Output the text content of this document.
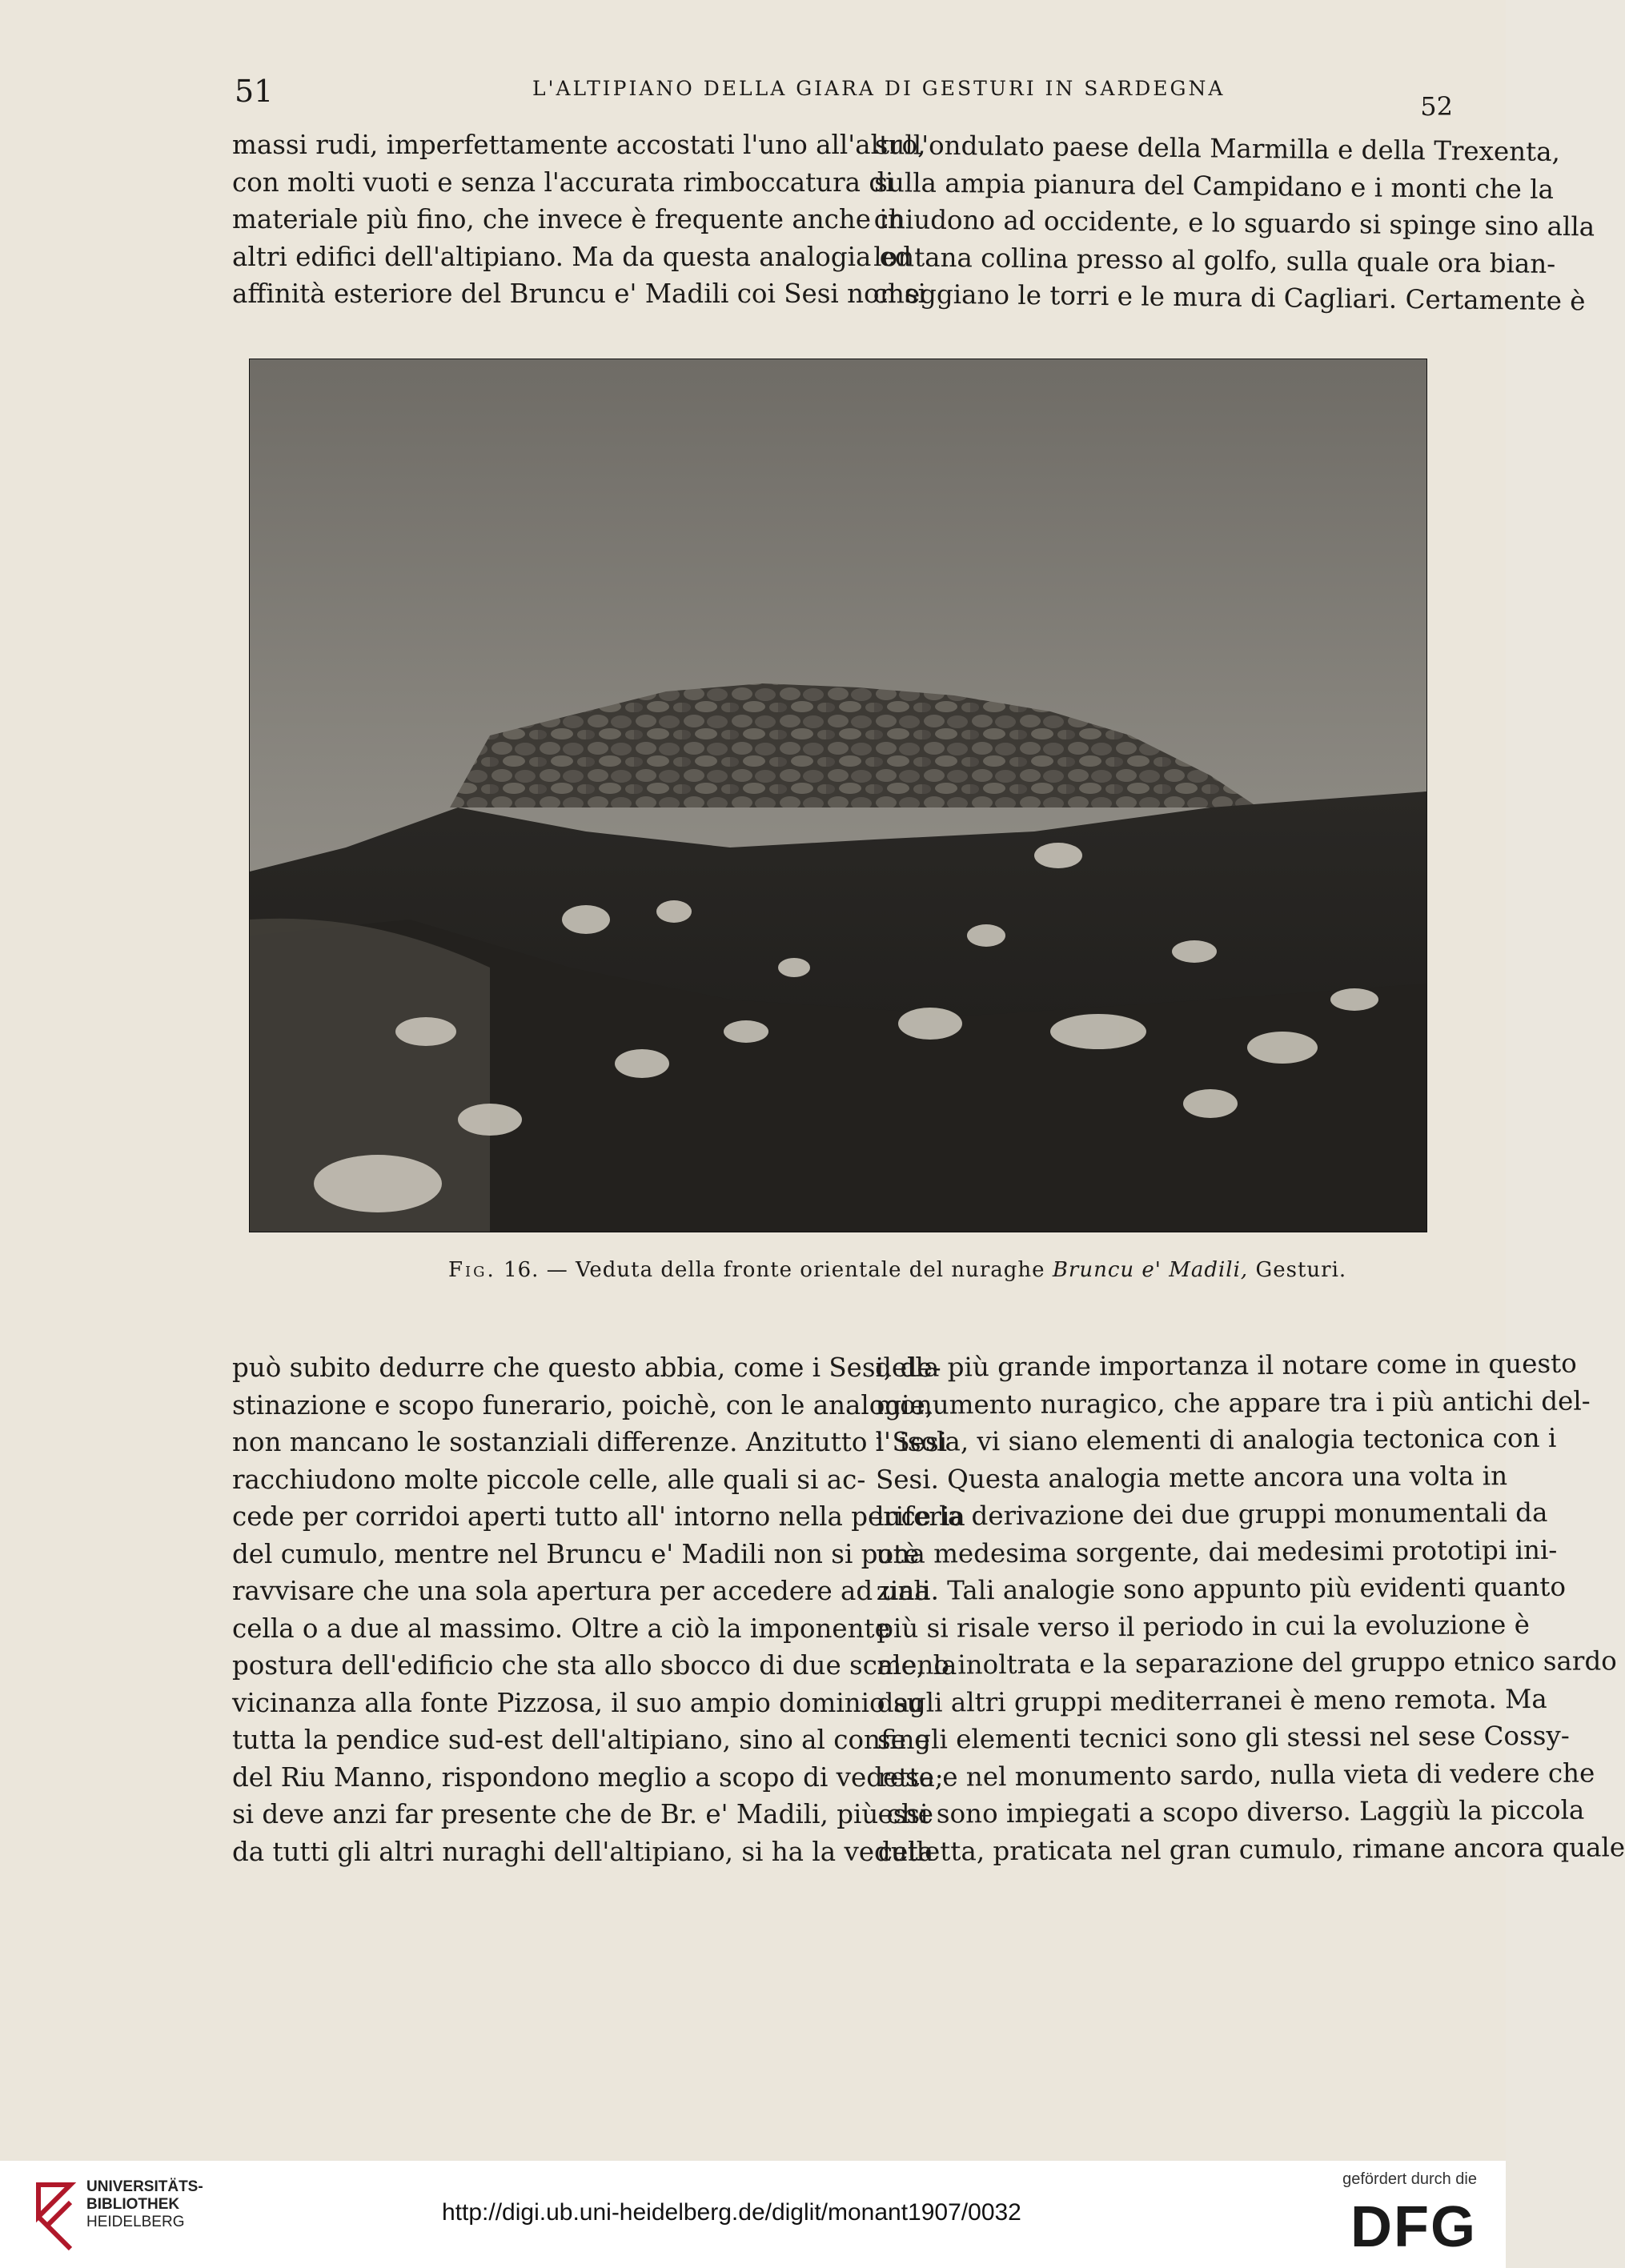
51	L'ALTIPIANO DELLA GIARA DI GESTURI IN SARDEGNA
52
massi rudi, imperfettamente accostati l'uno all'altro,
con molti vuoti e senza l'accurata rimboccatura di
materiale più fino, che invece è frequente anche in
altri edifici dell'altipiano. Ma da questa analogia ed
affinità esteriore del Bruncu e' Madili coi Sesi non si
sull'ondulato paese della Marmilla e della Trexenta,
sulla ampia pianura del Campidano e i monti che la
chiudono ad occidente, e lo sguardo si spinge sino alla
lontana collina presso al golfo, sulla quale ora bian-
cheggiano le torri e le mura di Cagliari. Certamente è
Fig. 16. — Veduta della fronte orientale del nuraghe Bruncu e' Madili, Gesturi.
può subito dedurre che questo abbia, come i Sesi, de-
stinazione e scopo funerario, poichè, con le analogie,
non mancano le sostanziali differenze. Anzitutto i Sesi
racchiudono molte piccole celle, alle quali si ac-
cede per corridoi aperti tutto all' intorno nella periferia
del cumulo, mentre nel Bruncu e' Madili non si potè
ravvisare che una sola apertura per accedere ad una
cella o a due al massimo. Oltre a ciò la imponente
postura dell'edificio che sta allo sbocco di due scale, la
vicinanza alla fonte Pizzosa, il suo ampio dominio su
tutta la pendice sud-est dell'altipiano, sino al confine
del Riu Manno, rispondono meglio a scopo di vedetta;
si deve anzi far presente che de Br. e' Madili, più che
da tutti gli altri nuraghi dell'altipiano, si ha la veduta
della più grande importanza il notare come in questo
monumento nuragico, che appare tra i più antichi del-
l' isola, vi siano elementi di analogia tectonica con i
Sesi. Questa analogia mette ancora una volta in
luce la derivazione dei due gruppi monumentali da
una medesima sorgente, dai medesimi prototipi ini-
ziali. Tali analogie sono appunto più evidenti quanto
più si risale verso il periodo in cui la evoluzione è
meno inoltrata e la separazione del gruppo etnico sardo
dagli altri gruppi mediterranei è meno remota. Ma
se gli elementi tecnici sono gli stessi nel sese Cossy-
rese e nel monumento sardo, nulla vieta di vedere che
essi sono impiegati a scopo diverso. Laggiù la piccola
celletta, praticata nel gran cumulo, rimane ancora quale
UNIVERSITÄTS-
BIBLIOTHEK
HEIDELBERG	http://digi.ub.uni-heidelberg.de/diglit/monant1907/0032
gefördert durch die
DFG
